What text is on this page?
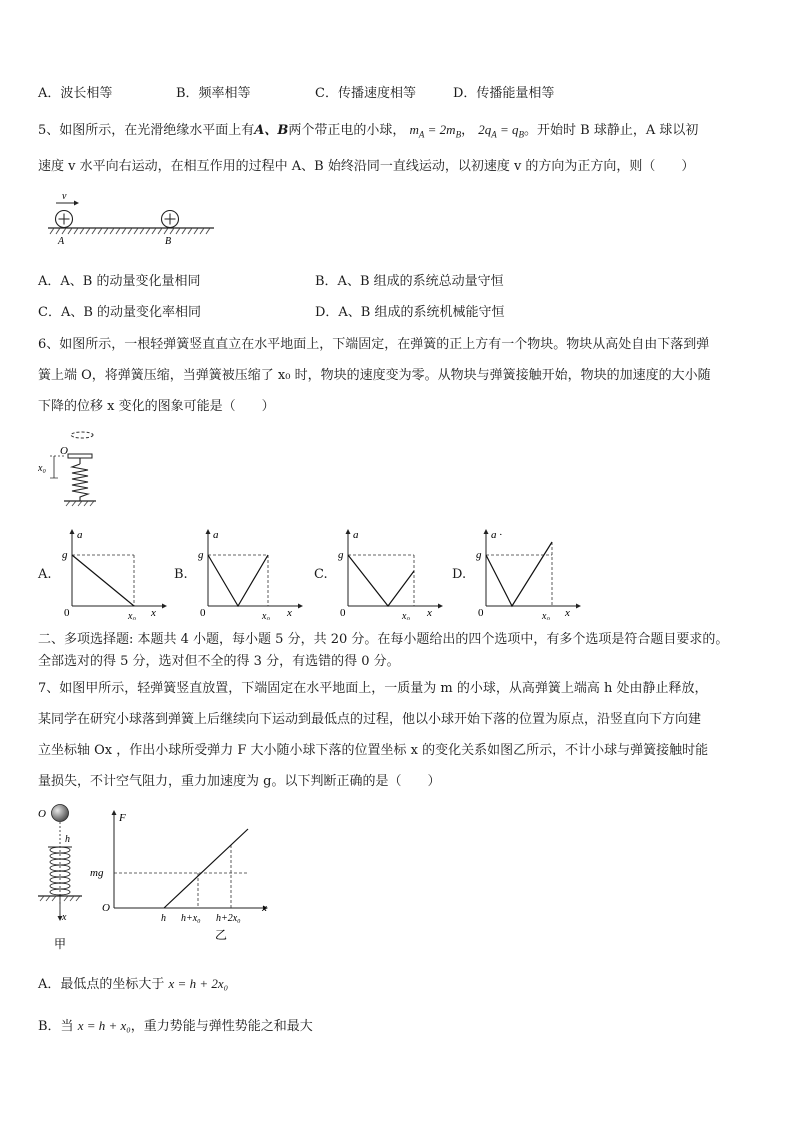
A．波长相等	B．频率相等	C．传播速度相等	D．传播能量相等
5、如图所示，在光滑绝缘水平面上有A、B两个带正电的小球， $m_A = 2m_B$， $2q_A = q_B$。开始时 B 球静止，A 球以初
速度 v 水平向右运动，在相互作用的过程中 A、B 始终沿同一直线运动，以初速度 v 的方向为正方向，则（　　）
v
A	B
A．A、B 的动量变化量相同	B．A、B 组成的系统总动量守恒
C．A、B 的动量变化率相同	D．A、B 组成的系统机械能守恒
6、如图所示，一根轻弹簧竖直直立在水平地面上，下端固定，在弹簧的正上方有一个物块。物块从高处自由下落到弹
簧上端 O，将弹簧压缩，当弹簧被压缩了 x₀ 时，物块的速度变为零。从物块与弹簧接触开始，物块的加速度的大小随
下降的位移 x 变化的图象可能是（　　）
O
x₀
A.
a
g
0	x₀ x
B.
a
g
0	x₀ x
C.
a
g
0	x₀ x
D.
a ·
g
0	x₀ x
二、多项选择题: 本题共 4 小题，每小题 5 分，共 20 分。在每小题给出的四个选项中，有多个选项是符合题目要求的。
全部选对的得 5 分，选对但不全的得 3 分，有选错的得 0 分。
7、如图甲所示，轻弹簧竖直放置，下端固定在水平地面上，一质量为 m 的小球，从高弹簧上端高 h 处由静止释放，
某同学在研究小球落到弹簧上后继续向下运动到最低点的过程，他以小球开始下落的位置为原点，沿竖直向下方向建
立坐标轴 Ox ，作出小球所受弹力 F 大小随小球下落的位置坐标 x 的变化关系如图乙所示，不计小球与弹簧接触时能
量损失，不计空气阻力，重力加速度为 g。以下判断正确的是（　　）
O
h
x
甲
F
mg
O
h h+x₀ h+2x₀
x
乙
A．最低点的坐标大于 x = h + 2x₀
B．当 x = h + x₀，重力势能与弹性势能之和最大
